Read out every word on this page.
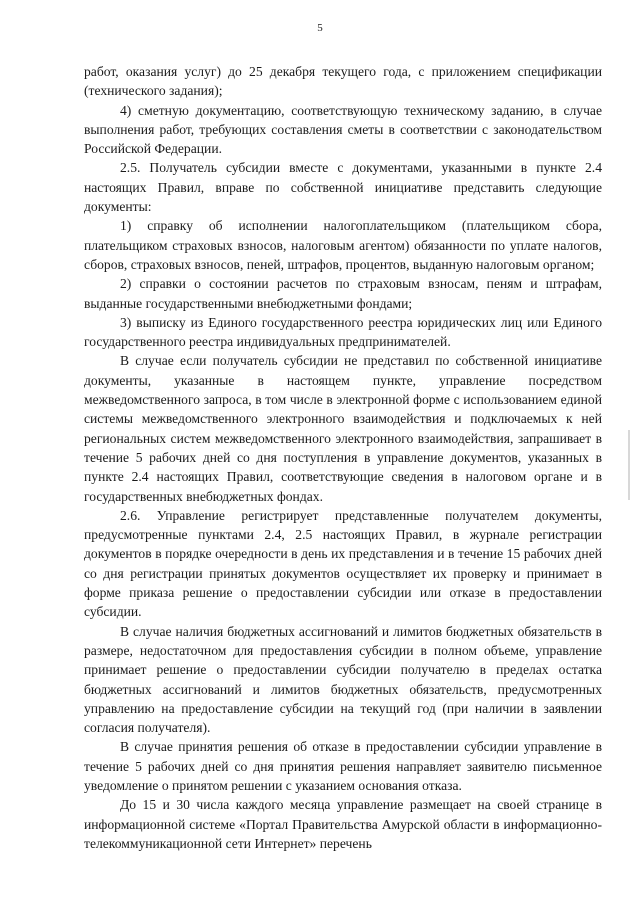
5

работ, оказания услуг) до 25 декабря текущего года, с приложением спецификации (технического задания);

4) сметную документацию, соответствующую техническому заданию, в случае выполнения работ, требующих составления сметы в соответствии с законодательством Российской Федерации.

2.5. Получатель субсидии вместе с документами, указанными в пункте 2.4 настоящих Правил, вправе по собственной инициативе представить следующие документы:

1) справку об исполнении налогоплательщиком (плательщиком сбора, плательщиком страховых взносов, налоговым агентом) обязанности по уплате налогов, сборов, страховых взносов, пеней, штрафов, процентов, выданную налоговым органом;

2) справки о состоянии расчетов по страховым взносам, пеням и штрафам, выданные государственными внебюджетными фондами;

3) выписку из Единого государственного реестра юридических лиц или Единого государственного реестра индивидуальных предпринимателей.

В случае если получатель субсидии не представил по собственной инициативе документы, указанные в настоящем пункте, управление посредством межведомственного запроса, в том числе в электронной форме с использованием единой системы межведомственного электронного взаимодействия и подключаемых к ней региональных систем межведомственного электронного взаимодействия, запрашивает в течение 5 рабочих дней со дня поступления в управление документов, указанных в пункте 2.4 настоящих Правил, соответствующие сведения в налоговом органе и в государственных внебюджетных фондах.

2.6. Управление регистрирует представленные получателем документы, предусмотренные пунктами 2.4, 2.5 настоящих Правил, в журнале регистрации документов в порядке очередности в день их представления и в течение 15 рабочих дней со дня регистрации принятых документов осуществляет их проверку и принимает в форме приказа решение о предоставлении субсидии или отказе в предоставлении субсидии.

В случае наличия бюджетных ассигнований и лимитов бюджетных обязательств в размере, недостаточном для предоставления субсидии в полном объеме, управление принимает решение о предоставлении субсидии получателю в пределах остатка бюджетных ассигнований и лимитов бюджетных обязательств, предусмотренных управлению на предоставление субсидии на текущий год (при наличии в заявлении согласия получателя).

В случае принятия решения об отказе в предоставлении субсидии управление в течение 5 рабочих дней со дня принятия решения направляет заявителю письменное уведомление о принятом решении с указанием основания отказа.

До 15 и 30 числа каждого месяца управление размещает на своей странице в информационной системе «Портал Правительства Амурской области в информационно-телекоммуникационной сети Интернет» перечень
